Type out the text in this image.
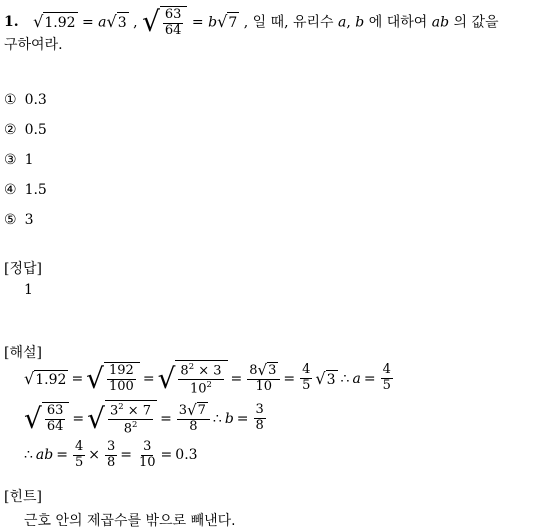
1. √ 1.92 = a √ 3 , √ $\frac{63}{64} = b$ √ 7 , 일 때, 유리수 a, b 에 대하여 ab 의 값을
구하여라.
① 0.3
② 0.5
③ 1
④ 1.5
⑤ 3
[정답]
1
[해설]
√ 1.92 = √ $\frac{192}{100}$ = √ $\frac{8^2 \times 3}{10^2} = \frac{8 √ 3}{10} = \frac{4}{5}$ √ 3 ∴ $a = \frac{4}{5}$
√ $\frac{63}{64}$ = √ $\frac{3^2 \times 7}{8^2} = \frac{3 √ 7}{8}$ ∴ $b = \frac{3}{8}$
∴ ab = $\frac{4}{5} \times \frac{3}{8} = \frac{3}{10} = 0.3$
[힌트]
근호 안의 제곱수를 밖으로 빼낸다.
